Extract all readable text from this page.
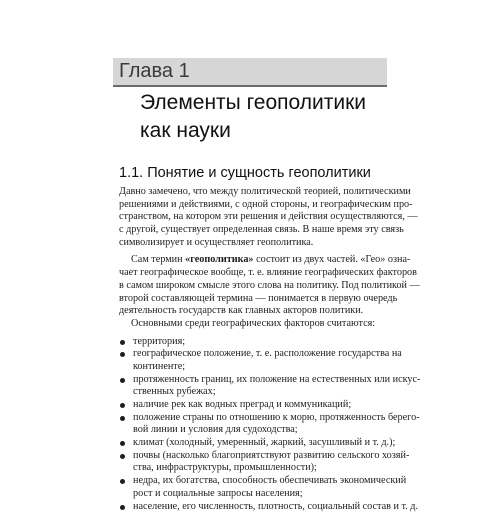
Глава 1
Элементы геополитики
как науки
1.1. Понятие и сущность геополитики
Давно замечено, что между политической теорией, политическими
решениями и действиями, с одной стороны, и географическим про-
странством, на котором эти решения и действия осуществляются, —
с другой, существует определенная связь. В наше время эту связь
символизирует и осуществляет геополитика.
Сам термин «геополитика» состоит из двух частей. «Гео» озна-
чает географическое вообще, т. е. влияние географических факторов
в самом широком смысле этого слова на политику. Под политикой —
второй составляющей термина — понимается в первую очередь
деятельность государств как главных акторов политики.
Основными среди географических факторов считаются:
территория;
географическое положение, т. е. расположение государства на
континенте;
протяженность границ, их положение на естественных или искус-
ственных рубежах;
наличие рек как водных преград и коммуникаций;
положение страны по отношению к морю, протяженность берего-
вой линии и условия для судоходства;
климат (холодный, умеренный, жаркий, засушливый и т. д.);
почвы (насколько благоприятствуют развитию сельского хозяй-
ства, инфраструктуры, промышленности);
недра, их богатства, способность обеспечивать экономический
рост и социальные запросы населения;
население, его численность, плотность, социальный состав и т. д.
